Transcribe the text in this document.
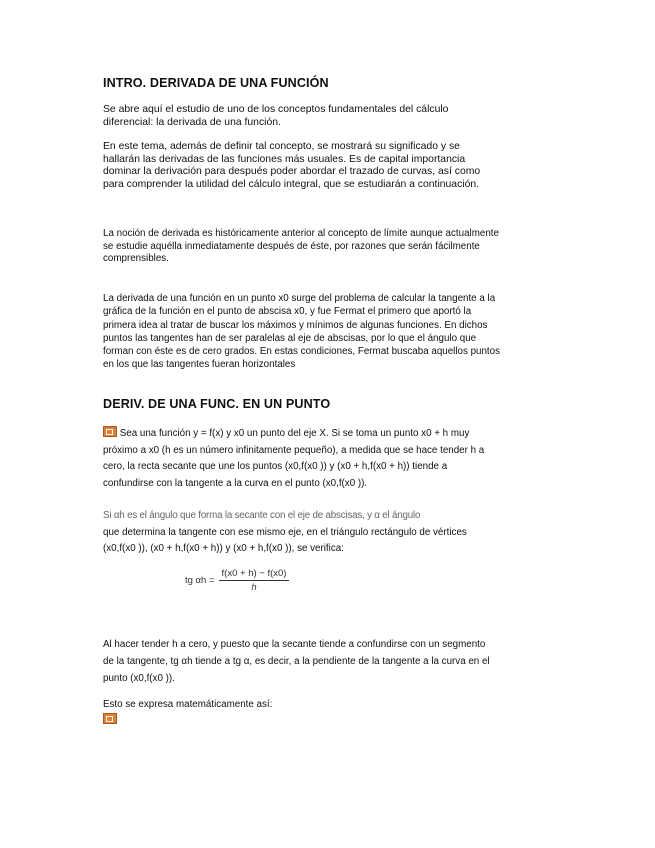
INTRO. DERIVADA DE UNA FUNCIÓN
Se abre aquí el estudio de uno de los conceptos fundamentales del cálculo
diferencial: la derivada de una función.
En este tema, además de definir tal concepto, se mostrará su significado y se
hallarán las derivadas de las funciones más usuales. Es de capital importancia
dominar la derivación para después poder abordar el trazado de curvas, así como
para comprender la utilidad del cálculo integral, que se estudiarán a continuación.
La noción de derivada es históricamente anterior al concepto de límite aunque actualmente
se estudie aquélla inmediatamente después de éste, por razones que serán fácilmente
comprensibles.
La derivada de una función en un punto x0 surge del problema de calcular la tangente a la
gráfica de la función en el punto de abscisa x0, y fue Fermat el primero que aportó la
primera idea al tratar de buscar los máximos y mínimos de algunas funciones. En dichos
puntos las tangentes han de ser paralelas al eje de abscisas, por lo que el ángulo que
forman con éste es de cero grados. En estas condiciones, Fermat buscaba aquellos puntos
en los que las tangentes fueran horizontales
DERIV. DE UNA FUNC. EN UN PUNTO
Sea una función y = f(x) y x0 un punto del eje X. Si se toma un punto x0 + h muy
próximo a x0 (h es un número infinitamente pequeño), a medida que se hace tender h a
cero, la recta secante que une los puntos (x0,f(x0 )) y (x0 + h,f(x0 + h)) tiende a
confundirse con la tangente a la curva en el punto (x0,f(x0 )).
Si αh es el ángulo que forma la secante con el eje de abscisas, y α el ángulo
que determina la tangente con ese mismo eje, en el triángulo rectángulo de vértices
(x0,f(x0 )), (x0 + h,f(x0 + h)) y (x0 + h,f(x0 )), se verifica:
tg $\alpha h = \frac{f(x0 + h) - f(x0)}{h}$
Al hacer tender h a cero, y puesto que la secante tiende a confundirse con un segmento
de la tangente, tg αh tiende a tg α, es decir, a la pendiente de la tangente a la curva en el
punto (x0,f(x0 )).
Esto se expresa matemáticamente así:
